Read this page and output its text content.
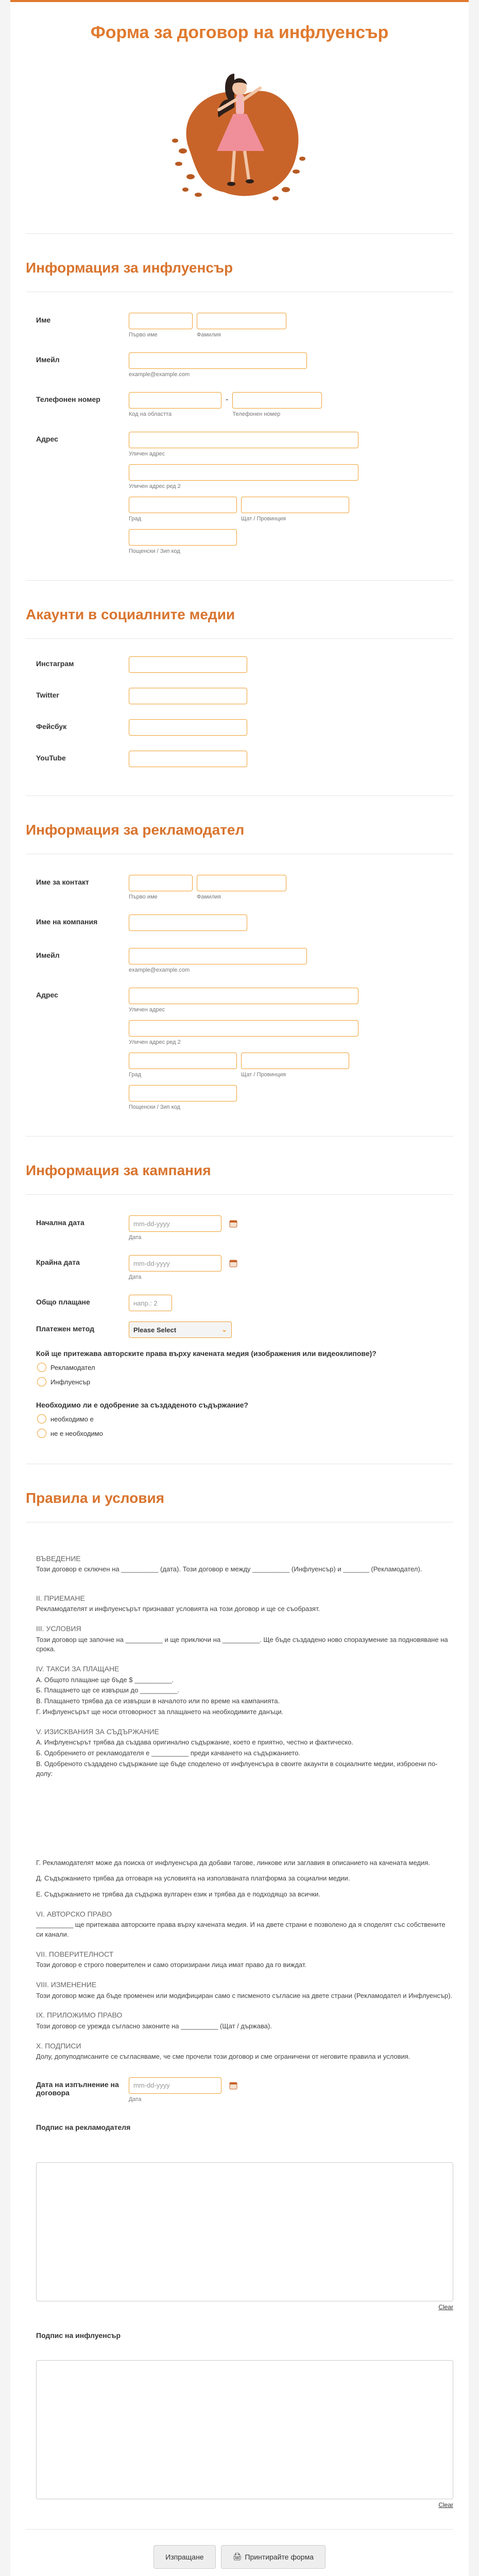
Форма за договор на инфлуенсър
Информация за инфлуенсър
Име
Първо име	Фамилия
Имейл
example@example.com
Телефонен номер
Код на областта
-
Телефонен номер
Адрес
Уличен адрес
Уличен адрес ред 2
Град	Щат / Провинция
Пощенски / Зип код
Акаунти в социалните медии
Инстаграм
Twitter
Фейсбук
YouTube
Информация за рекламодател
Име за контакт
Първо име	Фамилия
Име на компания
Имейл
example@example.com
Адрес
Уличен адрес
Уличен адрес ред 2
Град	Щат / Провинция
Пощенски / Зип код
Информация за кампания
Начална дата	mm-dd-yyyy
Дата
Крайна дата	mm-dd-yyyy
Дата
Общо плащане	напр.: 2
Платежен метод	Please Select	⌄
Кой ще притежава авторските права върху качената медия (изображения или видеоклипове)?
Рекламодател
Инфлуенсър
Необходимо ли е одобрение за създаденото съдържание?
необходимо е
не е необходимо
Правила и условия
ВЪВЕДЕНИЕ

Този договор е сключен на __________ (дата). Този договор е между __________ (Инфлуенсър) и _______ (Рекламодател).

II. ПРИЕМАНЕ

Рекламодателят и инфлуенсърът признават условията на този договор и ще се съобразят.

III. УСЛОВИЯ

Този договор ще започне на __________ и ще приключи на __________. Ще бъде създадено ново споразумение за подновяване на срока.

IV. ТАКСИ ЗА ПЛАЩАНЕ

А. Общото плащане ще бъде $ __________.

Б. Плащането ще се извърши до __________.

В. Плащането трябва да се извърши в началото или по време на кампанията.

Г. Инфлуенсърът ще носи отговорност за плащането на необходимите данъци.

V. ИЗИСКВАНИЯ ЗА СЪДЪРЖАНИЕ

А. Инфлуенсърът трябва да създава оригинално съдържание, което е приятно, честно и фактическо.

Б. Одобрението от рекламодателя е __________ преди качването на съдържанието.

В. Одобреното създадено съдържание ще бъде споделено от инфлуенсъра в своите акаунти в социалните медии, изброени по-долу:

Г. Рекламодателят може да поиска от инфлуенсъра да добави тагове, линкове или заглавия в описанието на качената медия.

Д. Съдържанието трябва да отговаря на условията на използваната платформа за социални медии.

Е. Съдържанието не трябва да съдържа вулгарен език и трябва да е подходящо за всички.

VI. АВТОРСКО ПРАВО

__________ ще притежава авторските права върху качената медия. И на двете страни е позволено да я споделят със собствените си канали.

VII. ПОВЕРИТЕЛНОСТ

Този договор е строго поверителен и само оторизирани лица имат право да го виждат.

VIII. ИЗМЕНЕНИЕ

Този договор може да бъде променен или модифициран само с писменото съгласие на двете страни (Рекламодател и Инфлуенсър).

IX. ПРИЛОЖИМО ПРАВО

Този договор се урежда съгласно законите на __________ (Щат / държава).

X. ПОДПИСИ

Долу, допуподписаните се съгласяваме, че сме прочели този договор и сме ограничени от неговите правила и условия.

Дата на изпълнение на договора
mm-dd-yyyy
Дата
Подпис на рекламодателя
Clear
Подпис на инфлуенсър
Clear
Изпращане	🖨 Принтирайте форма
